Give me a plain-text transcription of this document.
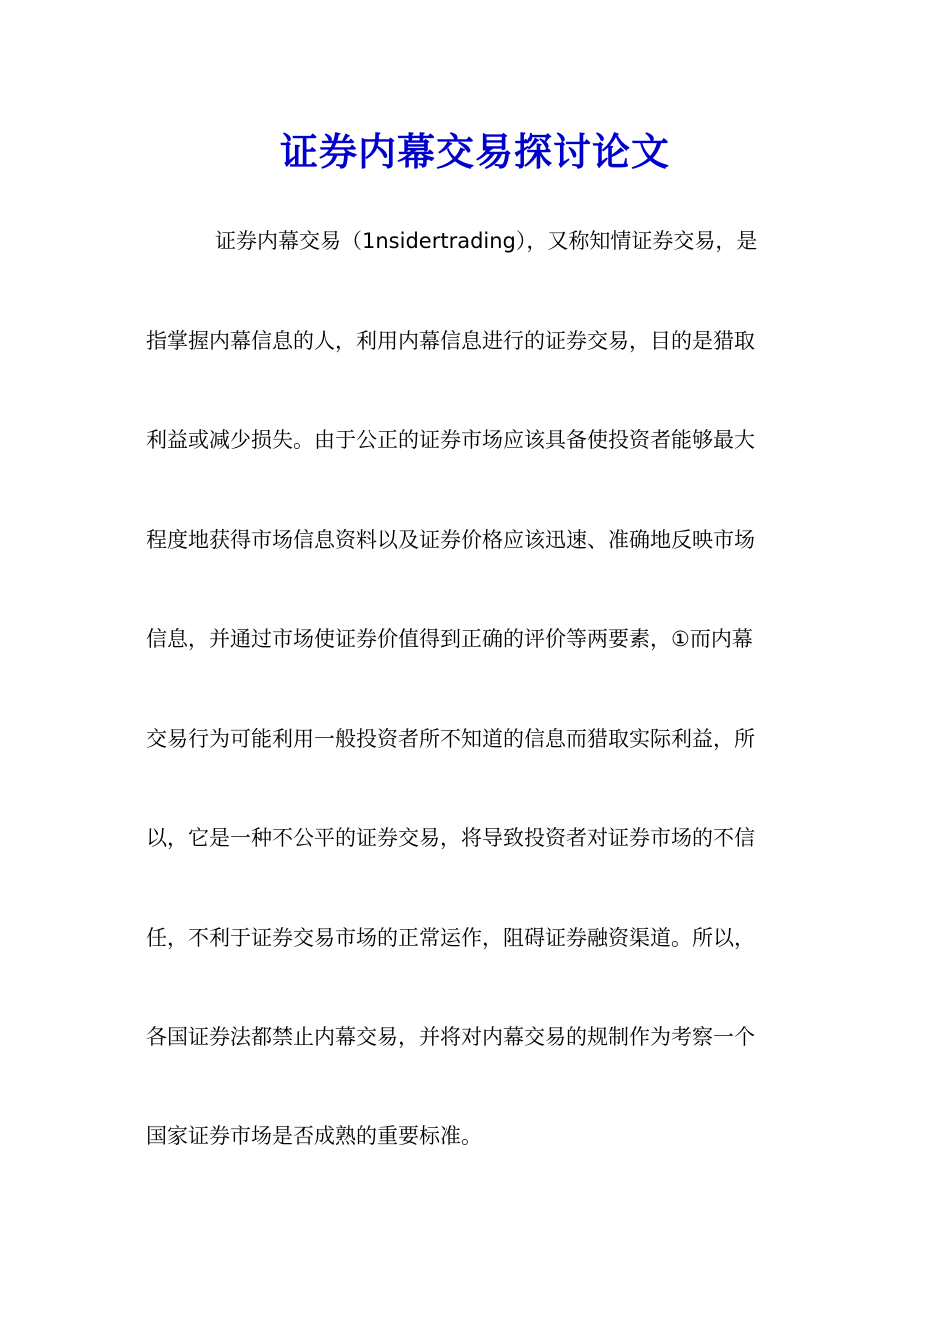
证券内幕交易探讨论文

证券内幕交易（1nsidertrading），又称知情证券交易，是

指掌握内幕信息的人，利用内幕信息进行的证券交易，目的是猎取

利益或减少损失。由于公正的证券市场应该具备使投资者能够最大

程度地获得市场信息资料以及证券价格应该迅速、准确地反映市场

信息，并通过市场使证券价值得到正确的评价等两要素，①而内幕

交易行为可能利用一般投资者所不知道的信息而猎取实际利益，所

以，它是一种不公平的证券交易，将导致投资者对证券市场的不信

任，不利于证券交易市场的正常运作，阻碍证券融资渠道。所以，

各国证券法都禁止内幕交易，并将对内幕交易的规制作为考察一个

国家证券市场是否成熟的重要标准。
